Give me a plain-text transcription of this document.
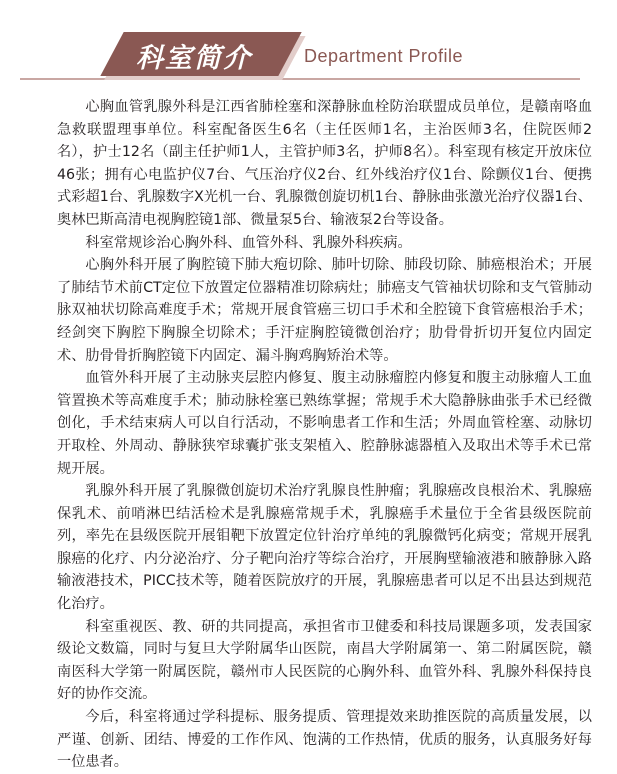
科室简介	Department Profile

心胸血管乳腺外科是江西省肺栓塞和深静脉血栓防治联盟成员单位，是赣南咯血急救联盟理事单位。科室配备医生6名（主任医师1名，主治医师3名，住院医师2名），护士12名（副主任护师1人，主管护师3名，护师8名）。科室现有核定开放床位46张；拥有心电监护仪7台、气压治疗仪2台、红外线治疗仪1台、除颤仪1台、便携式彩超1台、乳腺数字X光机一台、乳腺微创旋切机1台、静脉曲张激光治疗仪器1台、奥林巴斯高清电视胸腔镜1部、微量泵5台、输液泵2台等设备。

科室常规诊治心胸外科、血管外科、乳腺外科疾病。

心胸外科开展了胸腔镜下肺大疱切除、肺叶切除、肺段切除、肺癌根治术；开展了肺结节术前CT定位下放置定位器精准切除病灶；肺癌支气管袖状切除和支气管肺动脉双袖状切除高难度手术；常规开展食管癌三切口手术和全腔镜下食管癌根治手术；经剑突下胸腔下胸腺全切除术；手汗症胸腔镜微创治疗；肋骨骨折切开复位内固定术、肋骨骨折胸腔镜下内固定、漏斗胸鸡胸矫治术等。

血管外科开展了主动脉夹层腔内修复、腹主动脉瘤腔内修复和腹主动脉瘤人工血管置换术等高难度手术；肺动脉栓塞已熟练掌握；常规手术大隐静脉曲张手术已经微创化，手术结束病人可以自行活动，不影响患者工作和生活；外周血管栓塞、动脉切开取栓、外周动、静脉狭窄球囊扩张支架植入、腔静脉滤器植入及取出术等手术已常规开展。

乳腺外科开展了乳腺微创旋切术治疗乳腺良性肿瘤；乳腺癌改良根治术、乳腺癌保乳术、前哨淋巴结活检术是乳腺癌常规手术，乳腺癌手术量位于全省县级医院前列，率先在县级医院开展钼靶下放置定位针治疗单纯的乳腺微钙化病变；常规开展乳腺癌的化疗、内分泌治疗、分子靶向治疗等综合治疗，开展胸壁输液港和腋静脉入路输液港技术，PICC技术等，随着医院放疗的开展，乳腺癌患者可以足不出县达到规范化治疗。

科室重视医、教、研的共同提高，承担省市卫健委和科技局课题多项，发表国家级论文数篇，同时与复旦大学附属华山医院，南昌大学附属第一、第二附属医院，赣南医科大学第一附属医院，赣州市人民医院的心胸外科、血管外科、乳腺外科保持良好的协作交流。

今后，科室将通过学科提标、服务提质、管理提效来助推医院的高质量发展，以严谨、创新、团结、博爱的工作作风、饱满的工作热情，优质的服务，认真服务好每一位患者。
